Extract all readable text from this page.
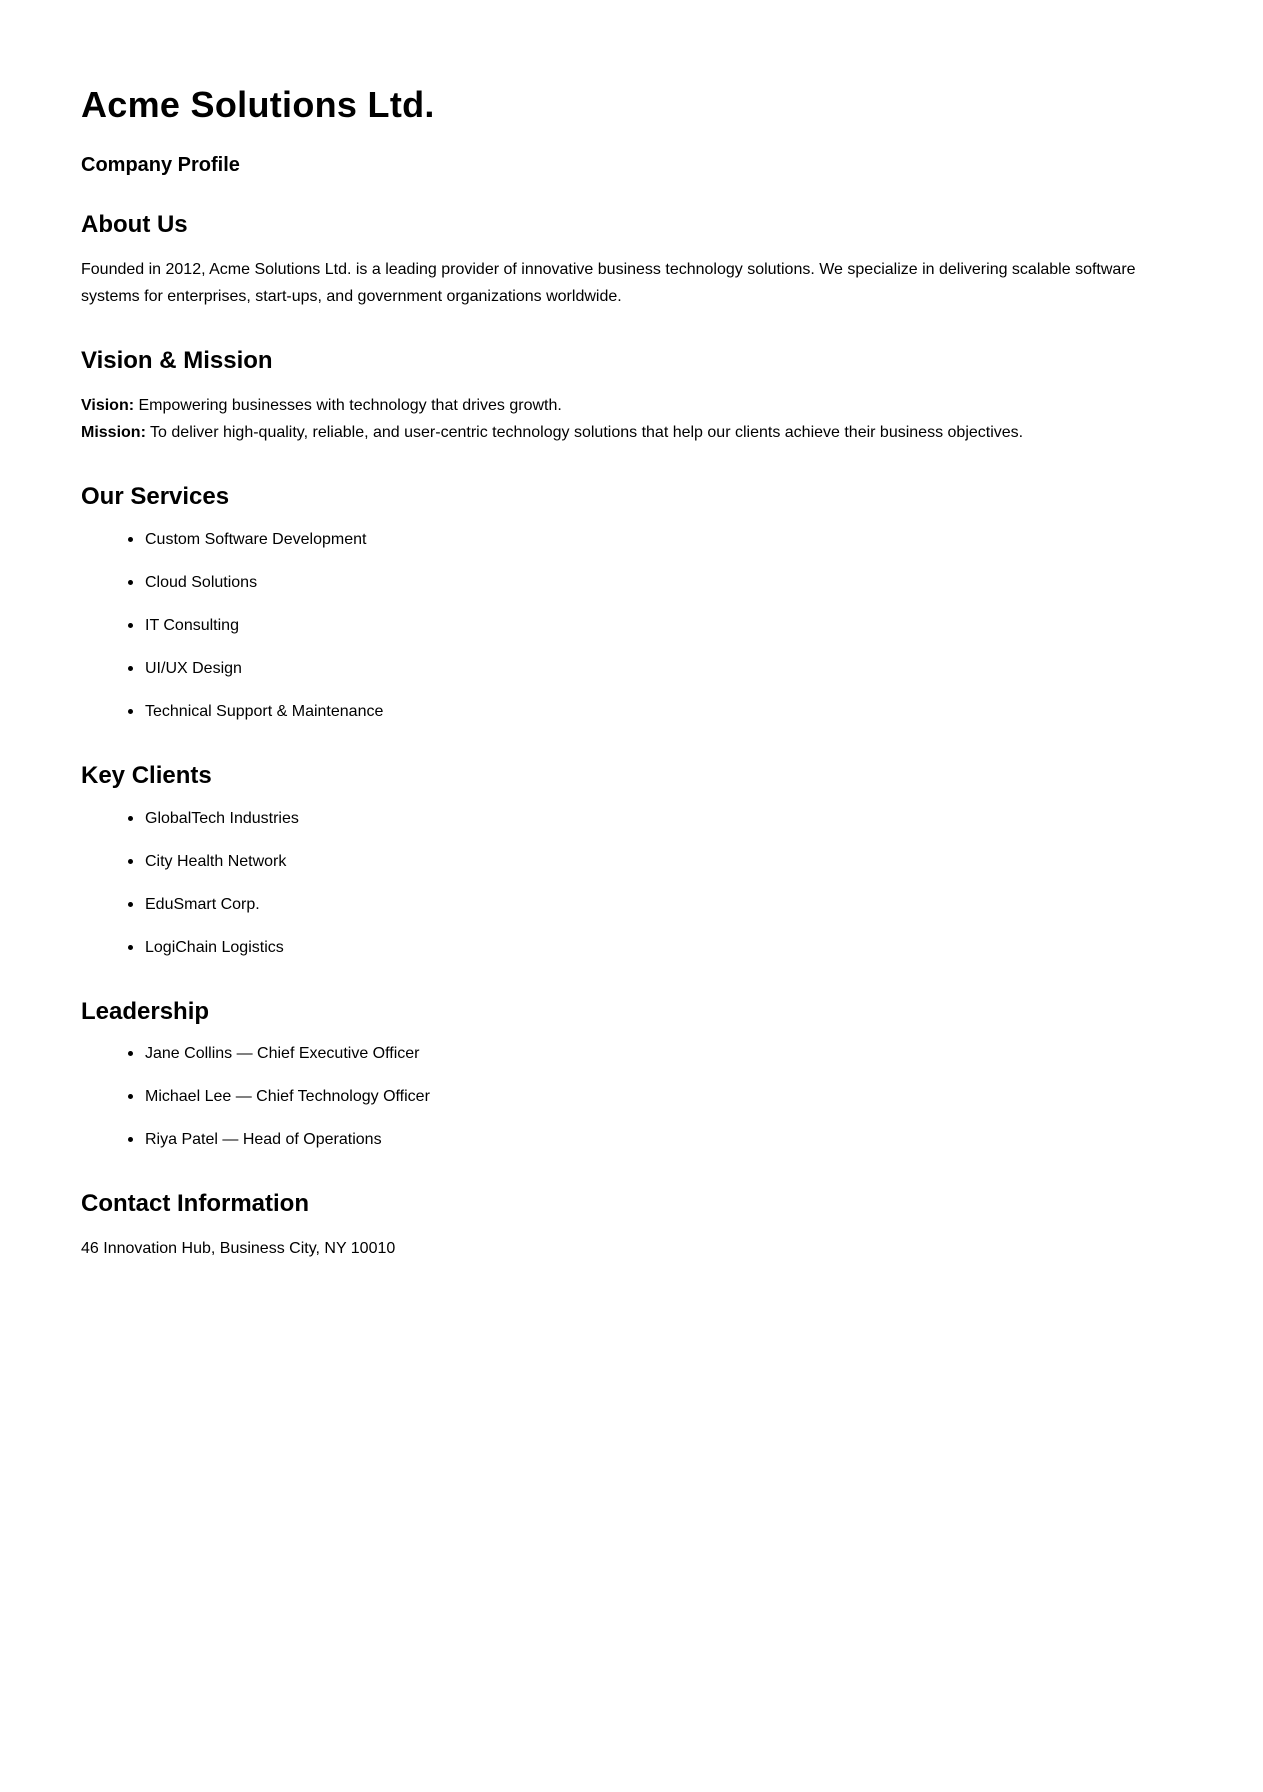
Acme Solutions Ltd.
Company Profile
About Us

Founded in 2012, Acme Solutions Ltd. is a leading provider of innovative business technology solutions. We specialize in delivering scalable software systems for enterprises, start-ups, and government organizations worldwide.

Vision & Mission
Vision: Empowering businesses with technology that drives growth.
Mission: To deliver high-quality, reliable, and user-centric technology solutions that help our clients achieve their business objectives.
Our Services
Custom Software Development
Cloud Solutions
IT Consulting
UI/UX Design
Technical Support & Maintenance
Key Clients
GlobalTech Industries
City Health Network
EduSmart Corp.
LogiChain Logistics
Leadership
Jane Collins — Chief Executive Officer
Michael Lee — Chief Technology Officer
Riya Patel — Head of Operations
Contact Information

46 Innovation Hub, Business City, NY 10010
